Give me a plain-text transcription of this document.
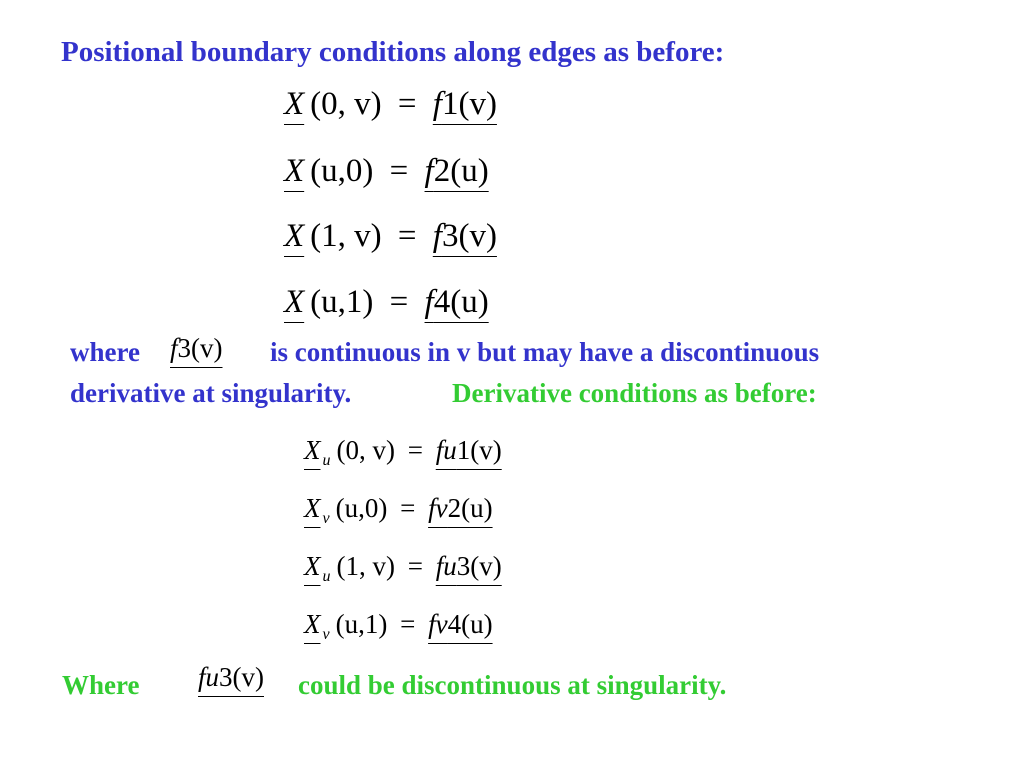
Positional boundary conditions along edges as before:
X (0, v) = f1(v)
X (u,0) = f2(u)
X (1, v) = f3(v)
X (u,1) = f4(u)
where f3(v) is continuous in v but may have a discontinuous
derivative at singularity.	Derivative conditions as before:
X $_u$ (0, v) = fu1(v)
X $_v$ (u,0) = fv2(u)
X $_u$ (1, v) = fu3(v)
X $_v$ (u,1) = fv4(u)
Where fu3(v) could be discontinuous at singularity.
